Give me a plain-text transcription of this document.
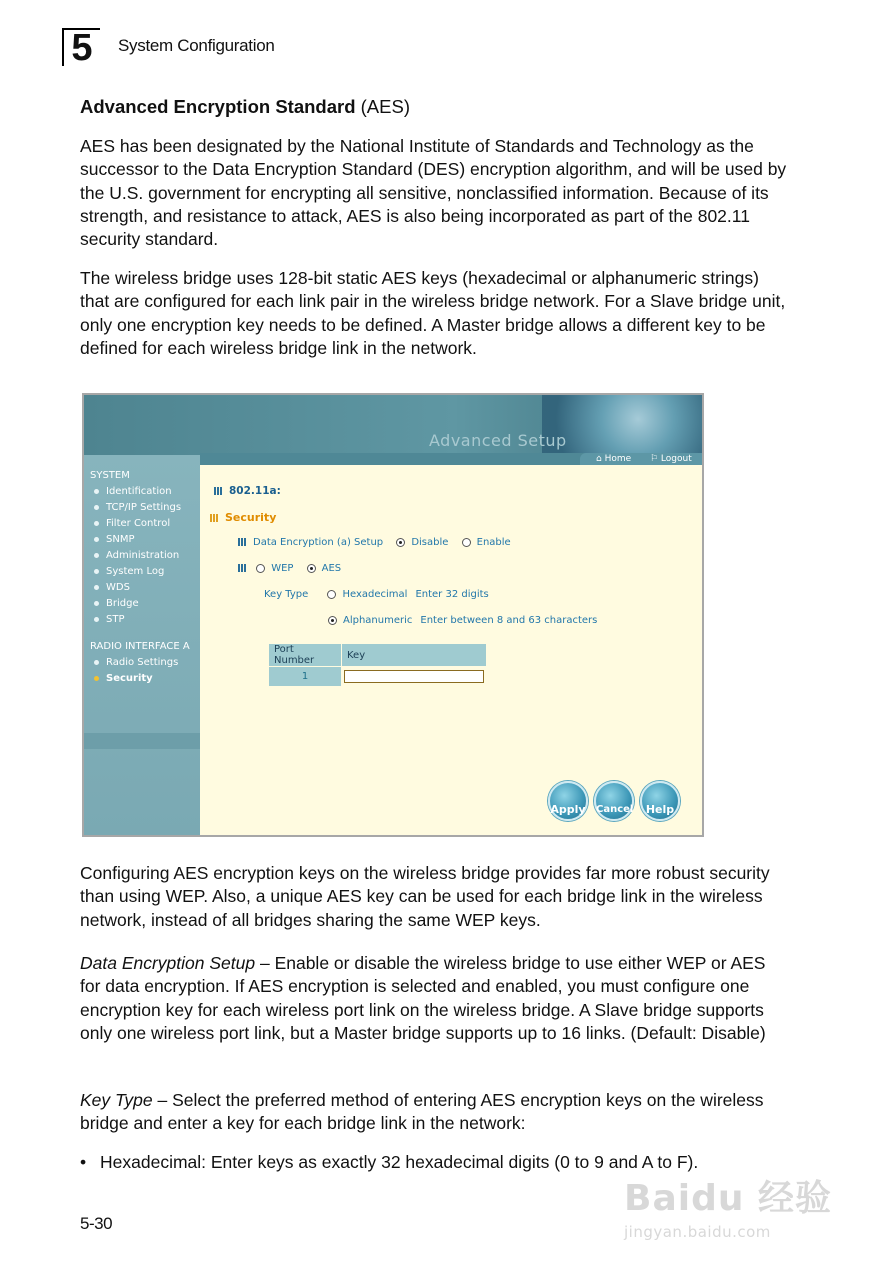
5	System Configuration
Advanced Encryption Standard (AES)

AES has been designated by the National Institute of Standards and Technology as the successor to the Data Encryption Standard (DES) encryption algorithm, and will be used by the U.S. government for encrypting all sensitive, nonclassified information. Because of its strength, and resistance to attack, AES is also being incorporated as part of the 802.11 security standard.

The wireless bridge uses 128-bit static AES keys (hexadecimal or alphanumeric strings) that are configured for each link pair in the wireless bridge network. For a Slave bridge unit, only one encryption key needs to be defined. A Master bridge allows a different key to be defined for each wireless bridge link in the network.

Advanced Setup
⌂ Home ⚐ Logout
SYSTEM
Identification
TCP/IP Settings
Filter Control
SNMP
Administration
System Log
WDS
Bridge
STP
RADIO INTERFACE A
Radio Settings
Security
802.11a:
Security
Data Encryption (a) Setup	Disable	Enable
WEP	AES
Key Type	Hexadecimal Enter 32 digits
Alphanumeric Enter between 8 and 63 characters
Port Number	Key
1	
Apply Cancel	Help

Configuring AES encryption keys on the wireless bridge provides far more robust security than using WEP. Also, a unique AES key can be used for each bridge link in the wireless network, instead of all bridges sharing the same WEP keys.

Data Encryption Setup – Enable or disable the wireless bridge to use either WEP or AES for data encryption. If AES encryption is selected and enabled, you must configure one encryption key for each wireless port link on the wireless bridge. A Slave bridge supports only one wireless port link, but a Master bridge supports up to 16 links. (Default: Disable)

Key Type – Select the preferred method of entering AES encryption keys on the wireless bridge and enter a key for each bridge link in the network:

• Hexadecimal: Enter keys as exactly 32 hexadecimal digits (0 to 9 and A to F).

5-30
Baidu 经验
jingyan.baidu.com
